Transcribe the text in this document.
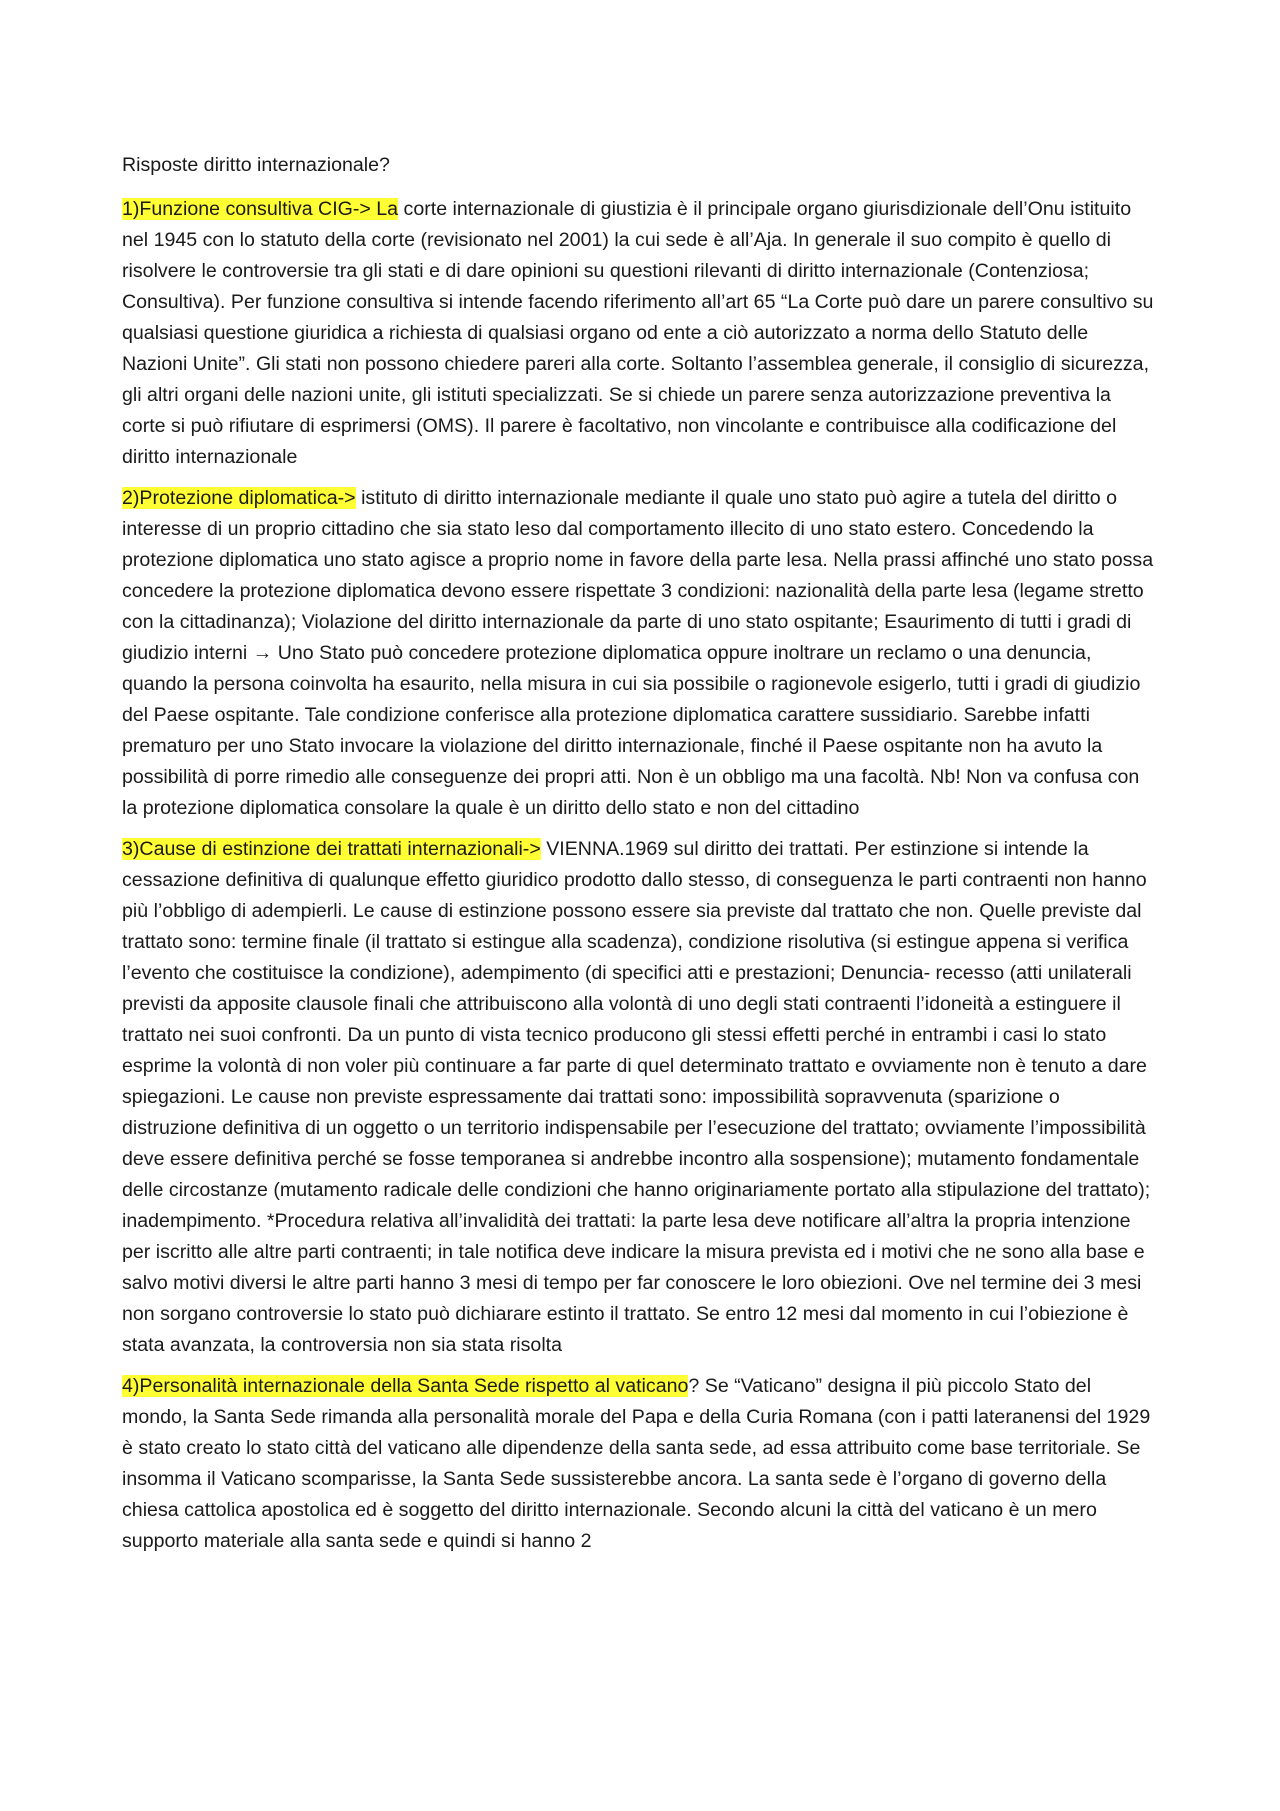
Risposte diritto internazionale?

1)Funzione consultiva CIG-> La corte internazionale di giustizia è il principale organo giurisdizionale dell’Onu istituito nel 1945 con lo statuto della corte (revisionato nel 2001) la cui sede è all’Aja. In generale il suo compito è quello di risolvere le controversie tra gli stati e di dare opinioni su questioni rilevanti di diritto internazionale (Contenziosa; Consultiva). Per funzione consultiva si intende facendo riferimento all’art 65 “La Corte può dare un parere consultivo su qualsiasi questione giuridica a richiesta di qualsiasi organo od ente a ciò autorizzato a norma dello Statuto delle Nazioni Unite”. Gli stati non possono chiedere pareri alla corte. Soltanto l’assemblea generale, il consiglio di sicurezza, gli altri organi delle nazioni unite, gli istituti specializzati. Se si chiede un parere senza autorizzazione preventiva la corte si può rifiutare di esprimersi (OMS). Il parere è facoltativo, non vincolante e contribuisce alla codificazione del diritto internazionale

2)Protezione diplomatica-> istituto di diritto internazionale mediante il quale uno stato può agire a tutela del diritto o interesse di un proprio cittadino che sia stato leso dal comportamento illecito di uno stato estero. Concedendo la protezione diplomatica uno stato agisce a proprio nome in favore della parte lesa. Nella prassi affinché uno stato possa concedere la protezione diplomatica devono essere rispettate 3 condizioni: nazionalità della parte lesa (legame stretto con la cittadinanza); Violazione del diritto internazionale da parte di uno stato ospitante; Esaurimento di tutti i gradi di giudizio interni → Uno Stato può concedere protezione diplomatica oppure inoltrare un reclamo o una denuncia, quando la persona coinvolta ha esaurito, nella misura in cui sia possibile o ragionevole esigerlo, tutti i gradi di giudizio del Paese ospitante. Tale condizione conferisce alla protezione diplomatica carattere sussidiario. Sarebbe infatti prematuro per uno Stato invocare la violazione del diritto internazionale, finché il Paese ospitante non ha avuto la possibilità di porre rimedio alle conseguenze dei propri atti. Non è un obbligo ma una facoltà. Nb! Non va confusa con la protezione diplomatica consolare la quale è un diritto dello stato e non del cittadino

3)Cause di estinzione dei trattati internazionali-> VIENNA.1969 sul diritto dei trattati. Per estinzione si intende la cessazione definitiva di qualunque effetto giuridico prodotto dallo stesso, di conseguenza le parti contraenti non hanno più l’obbligo di adempierli. Le cause di estinzione possono essere sia previste dal trattato che non. Quelle previste dal trattato sono: termine finale (il trattato si estingue alla scadenza), condizione risolutiva (si estingue appena si verifica l’evento che costituisce la condizione), adempimento (di specifici atti e prestazioni; Denuncia- recesso (atti unilaterali previsti da apposite clausole finali che attribuiscono alla volontà di uno degli stati contraenti l’idoneità a estinguere il trattato nei suoi confronti. Da un punto di vista tecnico producono gli stessi effetti perché in entrambi i casi lo stato esprime la volontà di non voler più continuare a far parte di quel determinato trattato e ovviamente non è tenuto a dare spiegazioni. Le cause non previste espressamente dai trattati sono: impossibilità sopravvenuta (sparizione o distruzione definitiva di un oggetto o un territorio indispensabile per l’esecuzione del trattato; ovviamente l’impossibilità deve essere definitiva perché se fosse temporanea si andrebbe incontro alla sospensione); mutamento fondamentale delle circostanze (mutamento radicale delle condizioni che hanno originariamente portato alla stipulazione del trattato); inadempimento. *Procedura relativa all’invalidità dei trattati: la parte lesa deve notificare all’altra la propria intenzione per iscritto alle altre parti contraenti; in tale notifica deve indicare la misura prevista ed i motivi che ne sono alla base e salvo motivi diversi le altre parti hanno 3 mesi di tempo per far conoscere le loro obiezioni. Ove nel termine dei 3 mesi non sorgano controversie lo stato può dichiarare estinto il trattato. Se entro 12 mesi dal momento in cui l’obiezione è stata avanzata, la controversia non sia stata risolta

4)Personalità internazionale della Santa Sede rispetto al vaticano? Se “Vaticano” designa il più piccolo Stato del mondo, la Santa Sede rimanda alla personalità morale del Papa e della Curia Romana (con i patti lateranensi del 1929 è stato creato lo stato città del vaticano alle dipendenze della santa sede, ad essa attribuito come base territoriale. Se insomma il Vaticano scomparisse, la Santa Sede sussisterebbe ancora. La santa sede è l’organo di governo della chiesa cattolica apostolica ed è soggetto del diritto internazionale. Secondo alcuni la città del vaticano è un mero supporto materiale alla santa sede e quindi si hanno 2
